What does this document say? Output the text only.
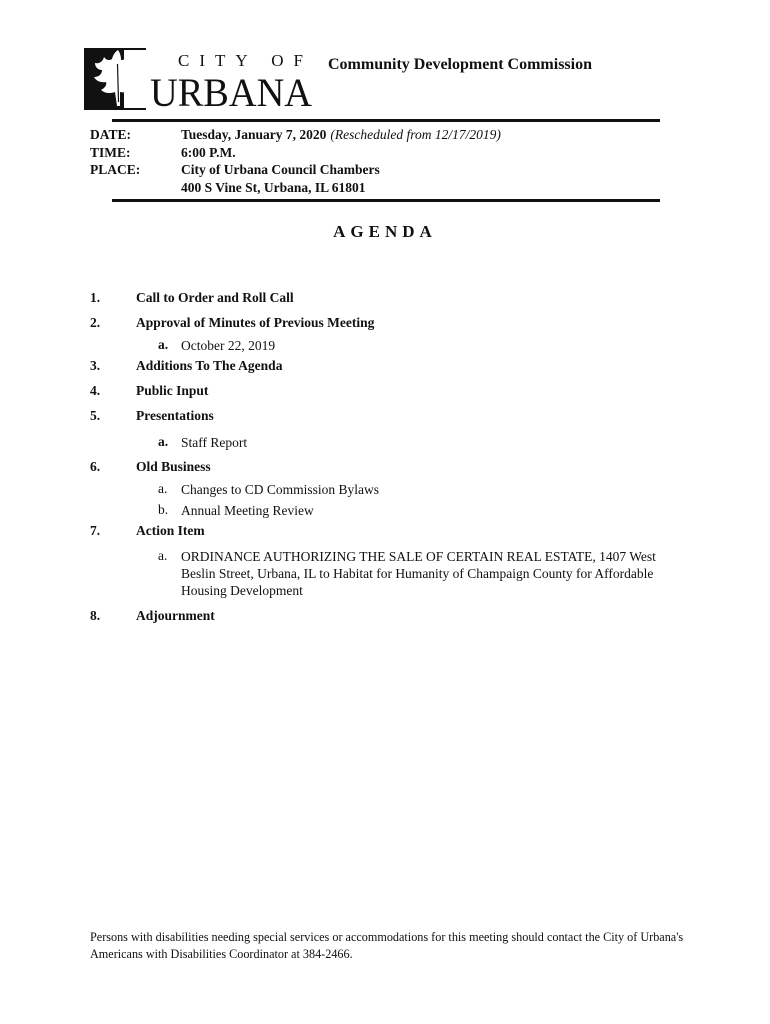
CITY OF
URBANA
Community Development Commission
DATE:	Tuesday, January 7, 2020 (Rescheduled from 12/17/2019)
TIME:	6:00 P.M.
PLACE:	City of Urbana Council Chambers
400 S Vine St, Urbana, IL 61801
AGENDA
1.	Call to Order and Roll Call
2.	Approval of Minutes of Previous Meeting
a. October 22, 2019
3.	Additions To The Agenda
4.	Public Input
5.	Presentations
a. Staff Report
6.	Old Business
a.	Changes to CD Commission Bylaws
b. Annual Meeting Review
7.	Action Item
a.	ORDINANCE AUTHORIZING THE SALE OF CERTAIN REAL ESTATE, 1407 West Beslin Street, Urbana, IL to Habitat for Humanity of Champaign County for Affordable Housing Development
8.	Adjournment
Persons with disabilities needing special services or accommodations for this meeting should contact the City of Urbana's Americans with Disabilities Coordinator at 384-2466.
